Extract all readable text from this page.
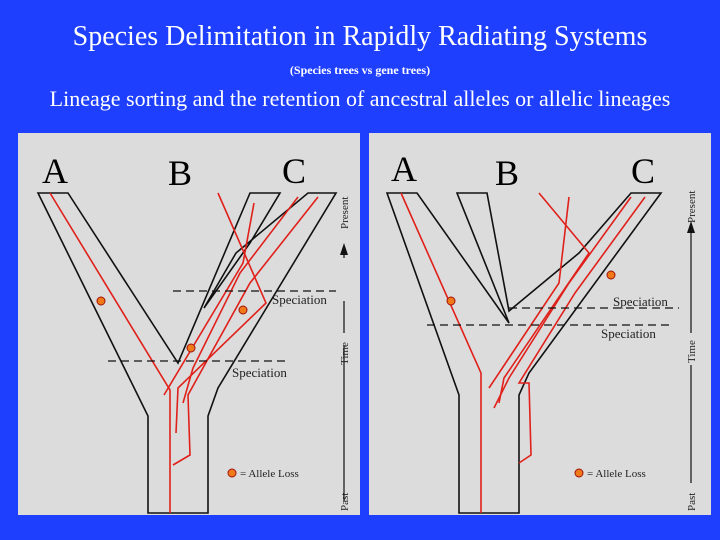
Species Delimitation in Rapidly Radiating Systems
(Species trees vs gene trees)
Lineage sorting and the retention of ancestral alleles or allelic lineages
A	B C
Speciation
Speciation
Present
Time
Past
= Allele Loss
A B	C
Speciation
Speciation
Present
Time
Past
= Allele Loss
